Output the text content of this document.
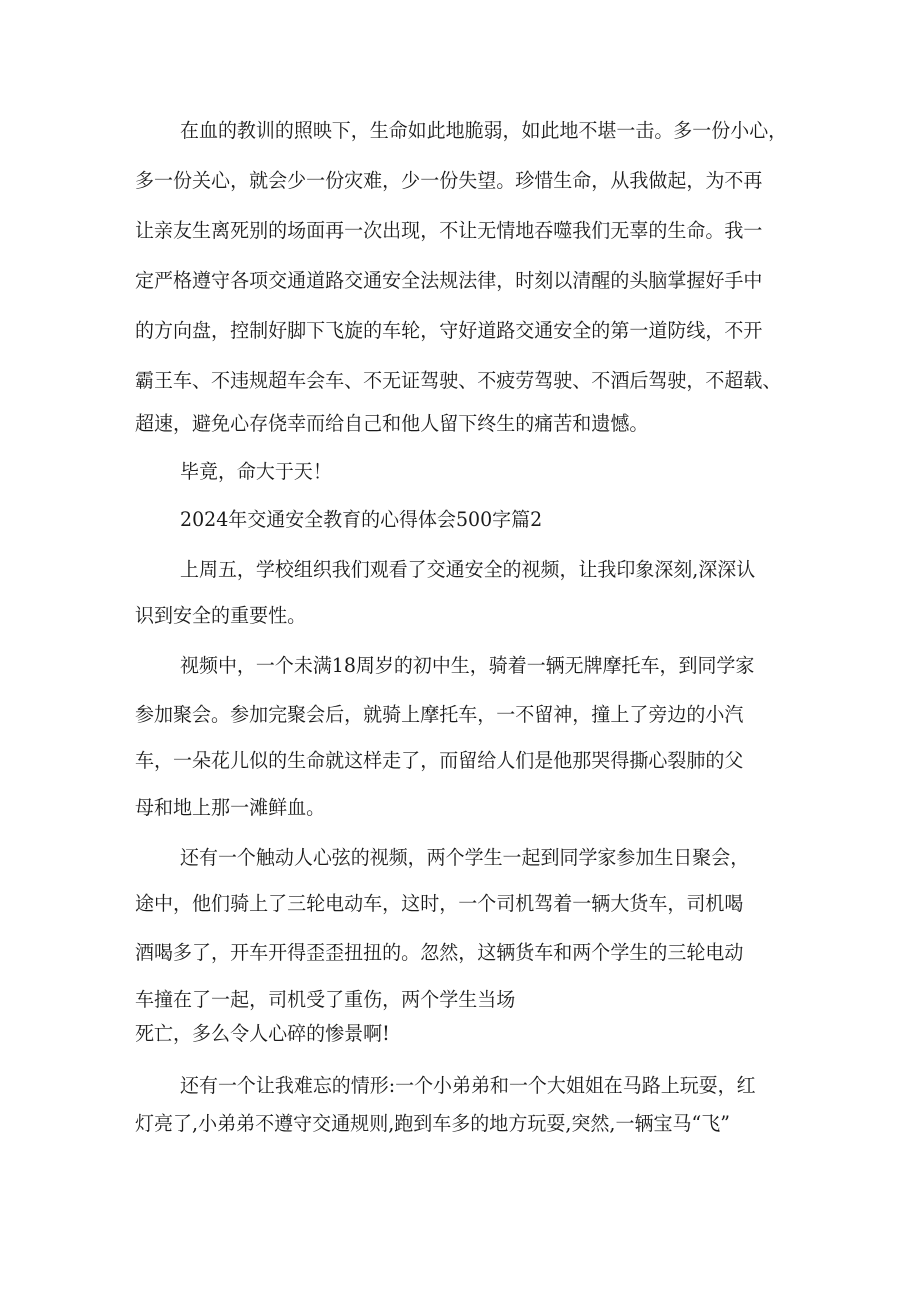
在血的教训的照映下，生命如此地脆弱，如此地不堪一击。多一份小心，
多一份关心，就会少一份灾难，少一份失望。珍惜生命，从我做起，为不再
让亲友生离死别的场面再一次出现，不让无情地吞噬我们无辜的生命。我一
定严格遵守各项交通道路交通安全法规法律，时刻以清醒的头脑掌握好手中
的方向盘，控制好脚下飞旋的车轮，守好道路交通安全的第一道防线，不开
霸王车、不违规超车会车、不无证驾驶、不疲劳驾驶、不酒后驾驶，不超载、
超速，避免心存侥幸而给自己和他人留下终生的痛苦和遗憾。
毕竟，命大于天！
2024年交通安全教育的心得体会500字篇2
上周五，学校组织我们观看了交通安全的视频，让我印象深刻,深深认
识到安全的重要性。
视频中，一个未满18周岁的初中生，骑着一辆无牌摩托车，到同学家
参加聚会。参加完聚会后，就骑上摩托车，一不留神，撞上了旁边的小汽
车，一朵花儿似的生命就这样走了，而留给人们是他那哭得撕心裂肺的父
母和地上那一滩鲜血。
还有一个触动人心弦的视频，两个学生一起到同学家参加生日聚会，
途中，他们骑上了三轮电动车，这时，一个司机驾着一辆大货车，司机喝
酒喝多了，开车开得歪歪扭扭的。忽然，这辆货车和两个学生的三轮电动
车撞在了一起，司机受了重伤，两个学生当场
死亡，多么令人心碎的惨景啊!
还有一个让我难忘的情形:一个小弟弟和一个大姐姐在马路上玩耍，红
灯亮了,小弟弟不遵守交通规则,跑到车多的地方玩耍,突然,一辆宝马“飞”
